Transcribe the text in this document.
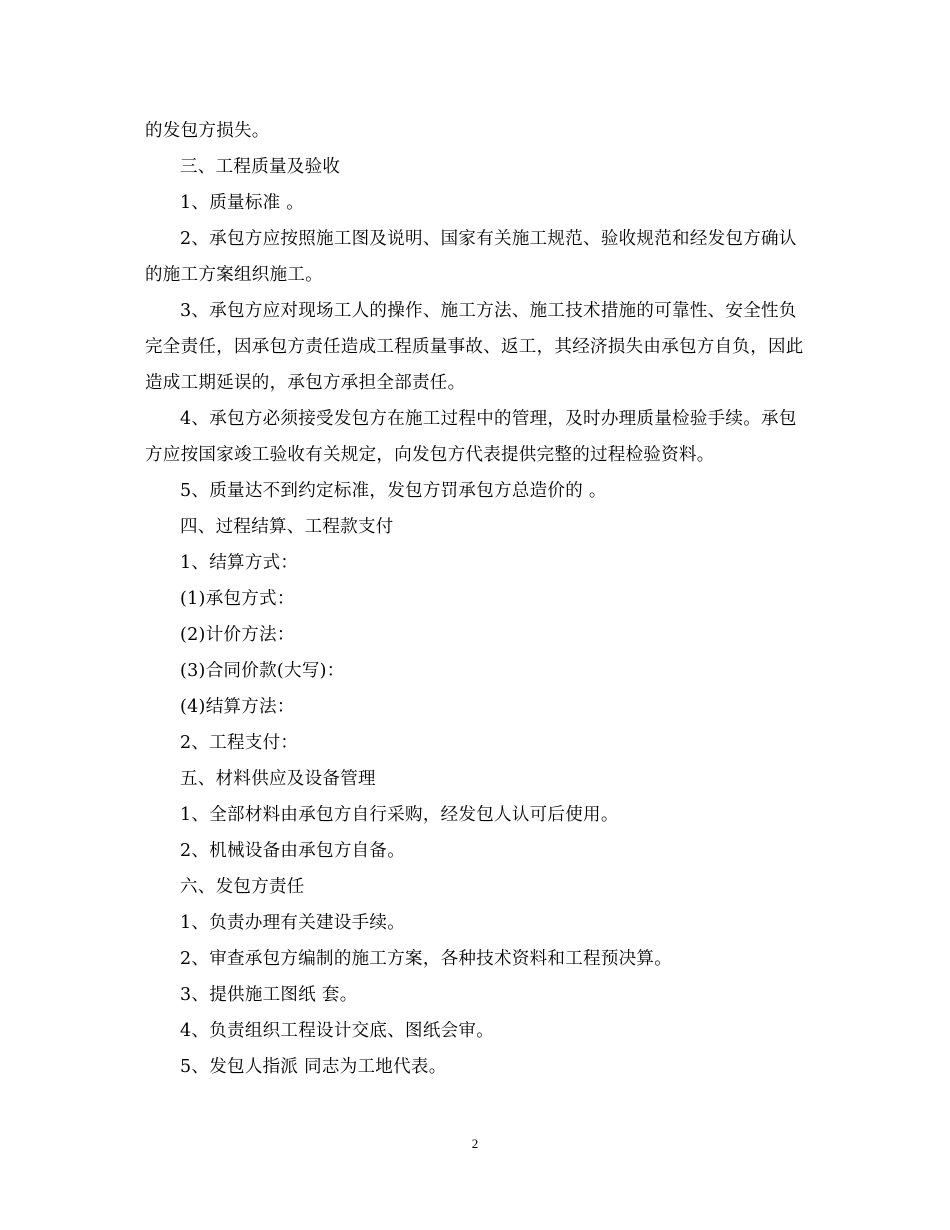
的发包方损失。

三、工程质量及验收

1、质量标准 。

2、承包方应按照施工图及说明、国家有关施工规范、验收规范和经发包方确认的施工方案组织施工。

3、承包方应对现场工人的操作、施工方法、施工技术措施的可靠性、安全性负完全责任，因承包方责任造成工程质量事故、返工，其经济损失由承包方自负，因此造成工期延误的，承包方承担全部责任。

4、承包方必须接受发包方在施工过程中的管理，及时办理质量检验手续。承包方应按国家竣工验收有关规定，向发包方代表提供完整的过程检验资料。

5、质量达不到约定标准，发包方罚承包方总造价的 。

四、过程结算、工程款支付

1、结算方式：

(1)承包方式：

(2)计价方法：

(3)合同价款(大写)：

(4)结算方法：

2、工程支付：

五、材料供应及设备管理

1、全部材料由承包方自行采购，经发包人认可后使用。

2、机械设备由承包方自备。

六、发包方责任

1、负责办理有关建设手续。

2、审查承包方编制的施工方案，各种技术资料和工程预决算。

3、提供施工图纸 套。

4、负责组织工程设计交底、图纸会审。

5、发包人指派 同志为工地代表。

2
